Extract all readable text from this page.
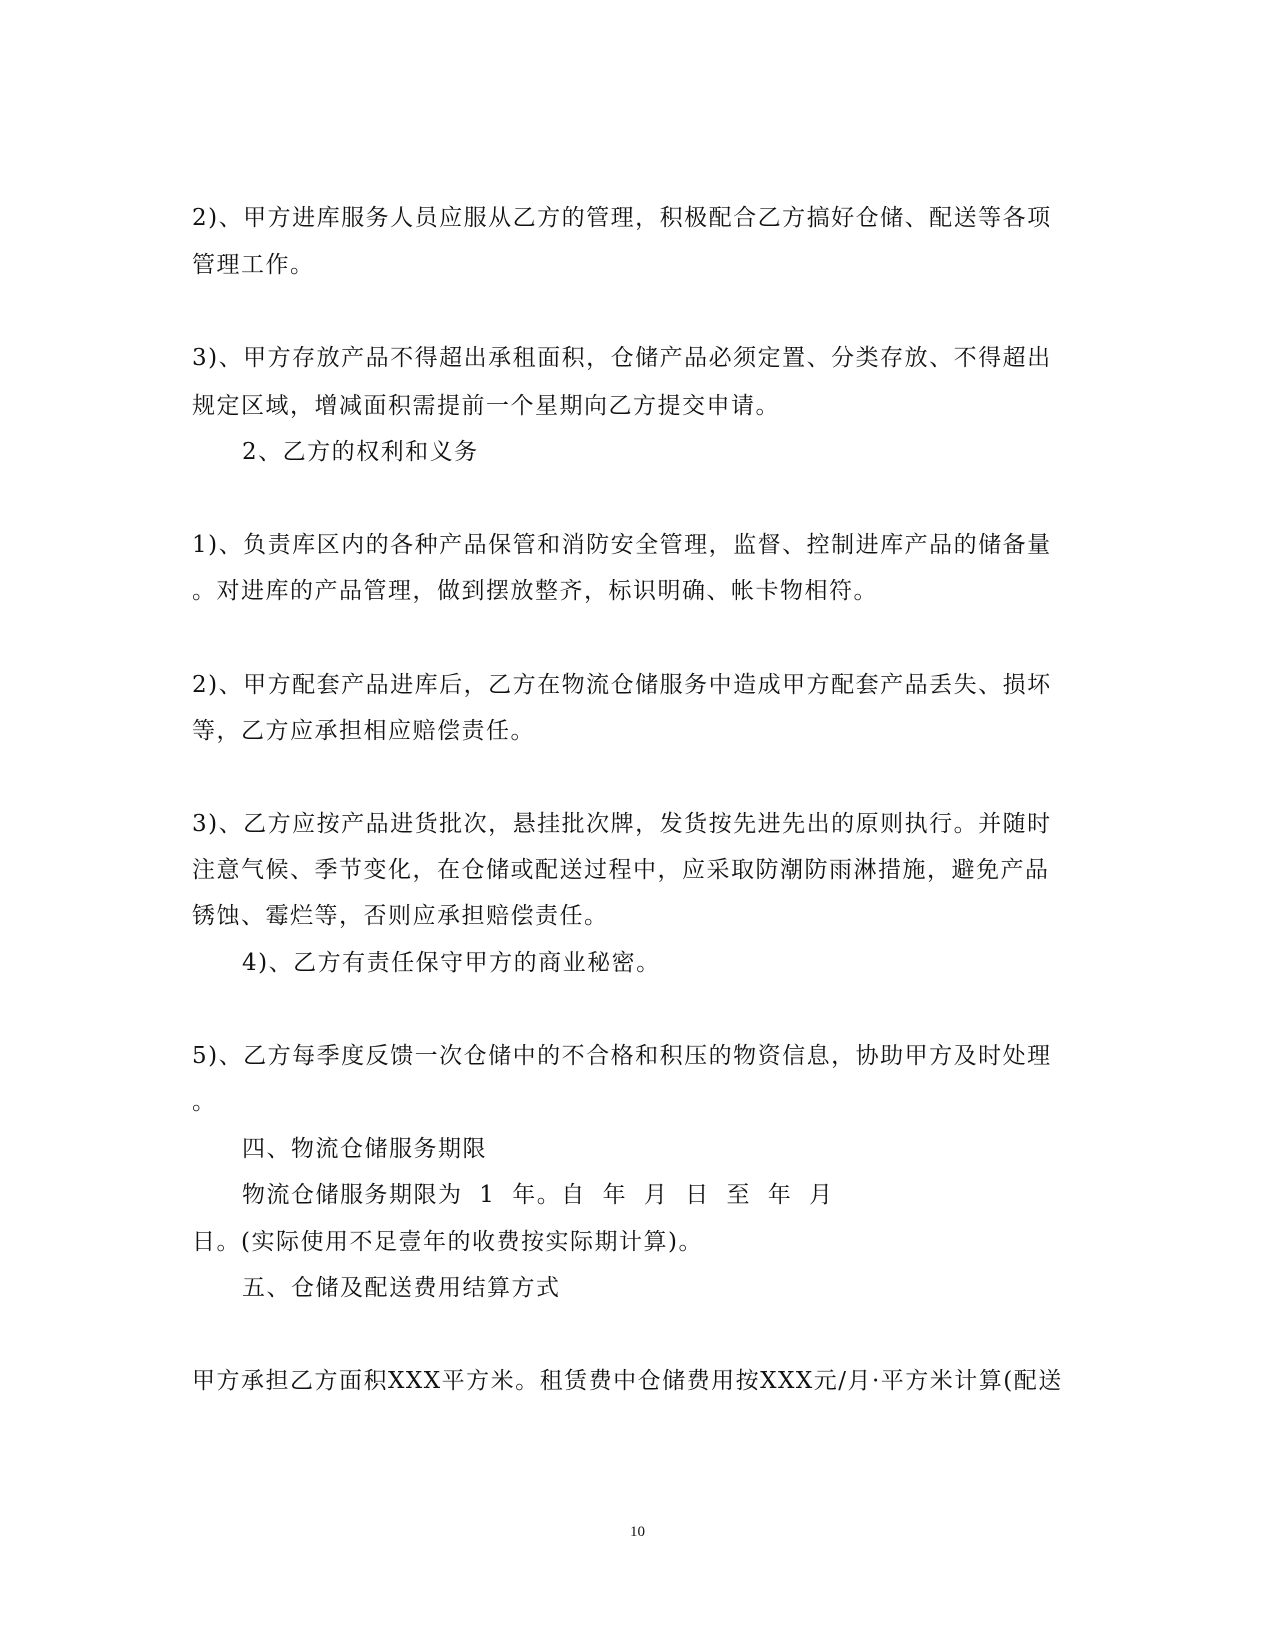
2)、甲方进库服务人员应服从乙方的管理，积极配合乙方搞好仓储、配送等各项
管理工作。
3)、甲方存放产品不得超出承租面积，仓储产品必须定置、分类存放、不得超出
规定区域，增减面积需提前一个星期向乙方提交申请。
2、乙方的权利和义务
1)、负责库区内的各种产品保管和消防安全管理，监督、控制进库产品的储备量
。对进库的产品管理，做到摆放整齐，标识明确、帐卡物相符。
2)、甲方配套产品进库后，乙方在物流仓储服务中造成甲方配套产品丢失、损坏
等，乙方应承担相应赔偿责任。
3)、乙方应按产品进货批次，悬挂批次牌，发货按先进先出的原则执行。并随时
注意气候、季节变化，在仓储或配送过程中，应采取防潮防雨淋措施，避免产品
锈蚀、霉烂等，否则应承担赔偿责任。
4)、乙方有责任保守甲方的商业秘密。
5)、乙方每季度反馈一次仓储中的不合格和积压的物资信息，协助甲方及时处理
。
四、物流仓储服务期限
物流仓储服务期限为 1 年。自 年 月 日 至 年 月
日。(实际使用不足壹年的收费按实际期计算)。
五、仓储及配送费用结算方式
甲方承担乙方面积XXX平方米。租赁费中仓储费用按XXX元/月·平方米计算(配送
10
